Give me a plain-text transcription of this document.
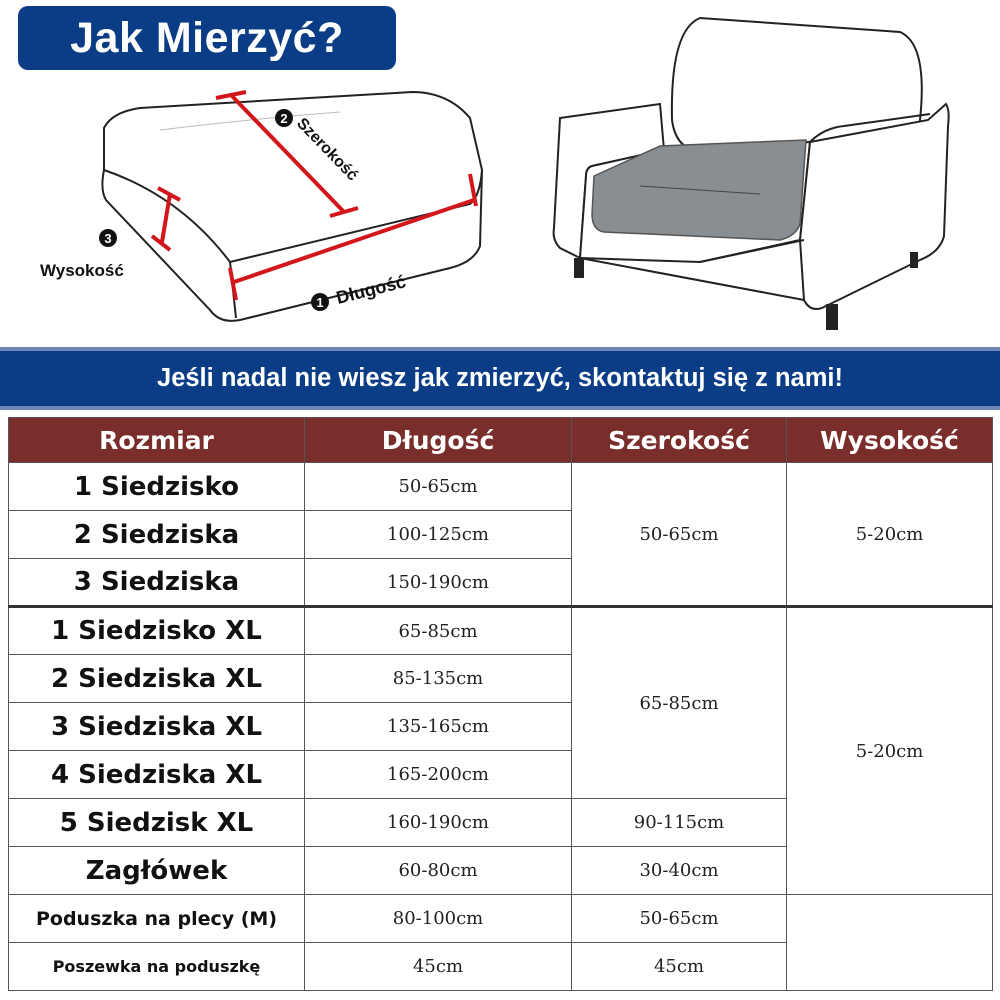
Jak Mierzyć?
2
1
3
Szerokość
Długość
Wysokość
Jeśli nadal nie wiesz jak zmierzyć, skontaktuj się z nami!
Rozmiar	Długość	Szerokość	Wysokość
1 Siedzisko	50-65cm	50-65cm	5-20cm
2 Siedziska	100-125cm		
3 Siedziska	150-190cm		
1 Siedzisko XL	65-85cm	65-85cm	5-20cm
2 Siedziska XL	85-135cm		
3 Siedziska XL	135-165cm		
4 Siedziska XL	165-200cm		
5 Siedzisk XL	160-190cm	90-115cm	
Zagłówek	60-80cm	30-40cm	
Poduszka na plecy (M)	80-100cm	50-65cm	
Poszewka na poduszkę	45cm	45cm	
